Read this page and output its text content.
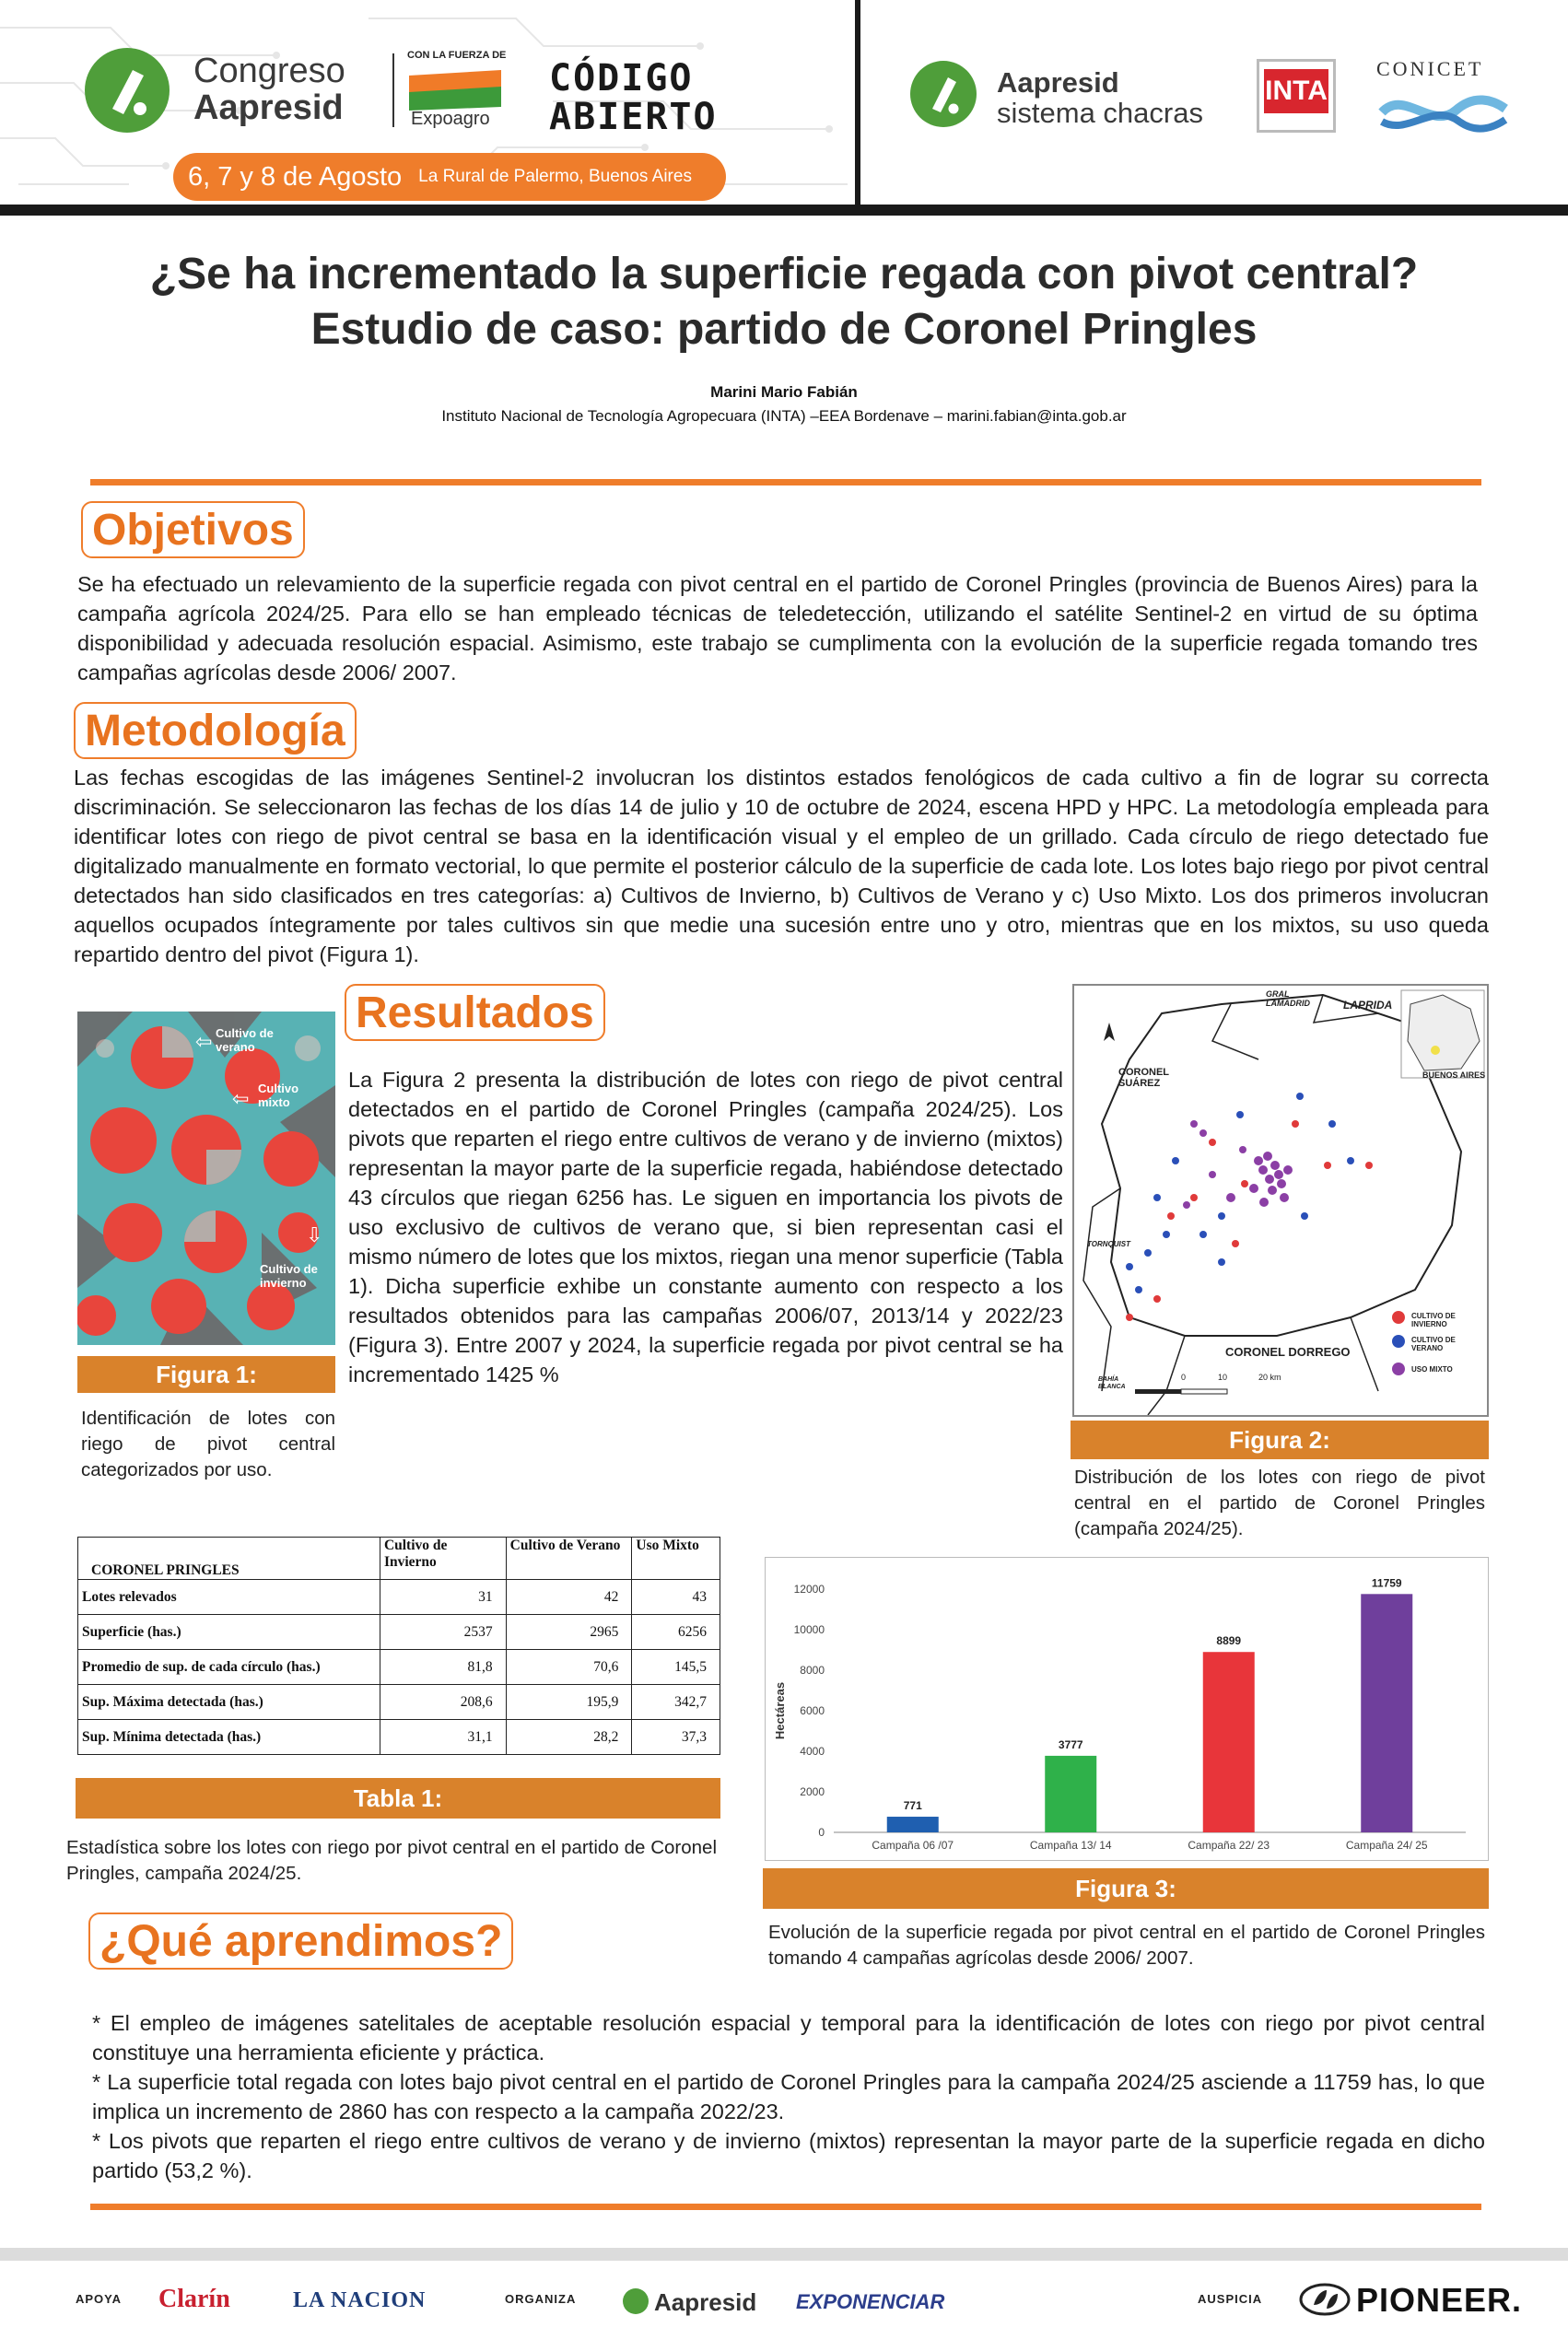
Congreso
Aapresid
CON LA FUERZA DE
Expoagro
CÓDIGO
ABIERTO
6, 7 y 8 de Agosto La Rural de Palermo, Buenos Aires
Aapresid
sistema chacras
INTA
CONICET
¿Se ha incrementado la superficie regada con pivot central?
Estudio de caso: partido de Coronel Pringles
Marini Mario Fabián
Instituto Nacional de Tecnología Agropecuara (INTA) –EEA Bordenave – marini.fabian@inta.gob.ar
Objetivos
Se ha efectuado un relevamiento de la superficie regada con pivot central en el partido de Coronel Pringles (provincia de Buenos Aires) para la campaña agrícola 2024/25. Para ello se han empleado técnicas de teledetección, utilizando el satélite Sentinel-2 en virtud de su óptima disponibilidad y adecuada resolución espacial. Asimismo, este trabajo se cumplimenta con la evolución de la superficie regada tomando tres campañas agrícolas desde 2006/ 2007.
Metodología
Las fechas escogidas de las imágenes Sentinel-2 involucran los distintos estados fenológicos de cada cultivo a fin de lograr su correcta discriminación. Se seleccionaron las fechas de los días 14 de julio y 10 de octubre de 2024, escena HPD y HPC. La metodología empleada para identificar lotes con riego de pivot central se basa en la identificación visual y el empleo de un grillado. Cada círculo de riego detectado fue digitalizado manualmente en formato vectorial, lo que permite el posterior cálculo de la superficie de cada lote. Los lotes bajo riego por pivot central detectados han sido clasificados en tres categorías: a) Cultivos de Invierno, b) Cultivos de Verano y c) Uso Mixto. Los dos primeros involucran aquellos ocupados íntegramente por tales cultivos sin que medie una sucesión entre uno y otro, mientras que en los mixtos, su uso queda repartido dentro del pivot (Figura 1).
Cultivo de verano
⇦
Cultivo mixto
⇦
Cultivo de invierno
⇩
Figura 1:
Identificación de lotes con riego de pivot central categorizados por uso.
Resultados
La Figura 2 presenta la distribución de lotes con riego de pivot central detectados en el partido de Coronel Pringles (campaña 2024/25). Los pivots que reparten el riego entre cultivos de verano y de invierno (mixtos) representan la mayor parte de la superficie regada, habiéndose detectado 43 círculos que riegan 6256 has. Le siguen en importancia los pivots de uso exclusivo de cultivos de verano que, si bien representan casi el mismo número de lotes que los mixtos, riegan una menor superficie (Tabla 1). Dicha superficie exhibe un constante aumento con respecto a los resultados obtenidos para las campañas 2006/07, 2013/14 y 2022/23 (Figura 3). Entre 2007 y 2024, la superficie regada por pivot central se ha incrementado 1425 %
GRAL LAMADRID	LAPRIDA
CORONEL SUÁREZ
BUENOS AIRES
TORNQUIST
CORONEL DORREGO
BAHÍA BLANCA
CULTIVO DE INVIERNO
CULTIVO DE VERANO
USO MIXTO
0	10	20 km
Figura 2:
Distribución de los lotes con riego de pivot central en el partido de Coronel Pringles (campaña 2024/25).
CORONEL PRINGLES	Cultivo de Invierno	Cultivo de Verano	Uso Mixto
Lotes relevados	31	42	43
Superficie (has.)	2537	2965	6256
Promedio de sup. de cada círculo (has.)	81,8	70,6	145,5
Sup. Máxima detectada (has.)	208,6	195,9	342,7
Sup. Mínima detectada (has.)	31,1	28,2	37,3
Tabla 1:
Estadística sobre los lotes con riego por pivot central en el partido de Coronel Pringles, campaña 2024/25.
0
2000
4000
6000
8000
10000
12000
Hectáreas
771
Campaña 06 /07
3777
Campaña 13/ 14
8899
Campaña 22/ 23
11759
Campaña 24/ 25
Figura 3:
Evolución de la superficie regada por pivot central en el partido de Coronel Pringles tomando 4 campañas agrícolas desde 2006/ 2007.
¿Qué aprendimos?
* El empleo de imágenes satelitales de aceptable resolución espacial y temporal para la identificación de lotes con riego por pivot central constituye una herramienta eficiente y práctica.
* La superficie total regada con lotes bajo pivot central en el partido de Coronel Pringles para la campaña 2024/25 asciende a 11759 has, lo que implica un incremento de 2860 has con respecto a la campaña 2022/23.
* Los pivots que reparten el riego entre cultivos de verano y de invierno (mixtos) representan la mayor parte de la superficie regada en dicho partido (53,2 %).
APOYA Clarín	LA NACION	ORGANIZA	Aapresid EXPONENCIAR	AUSPICIA	PIONEER.
